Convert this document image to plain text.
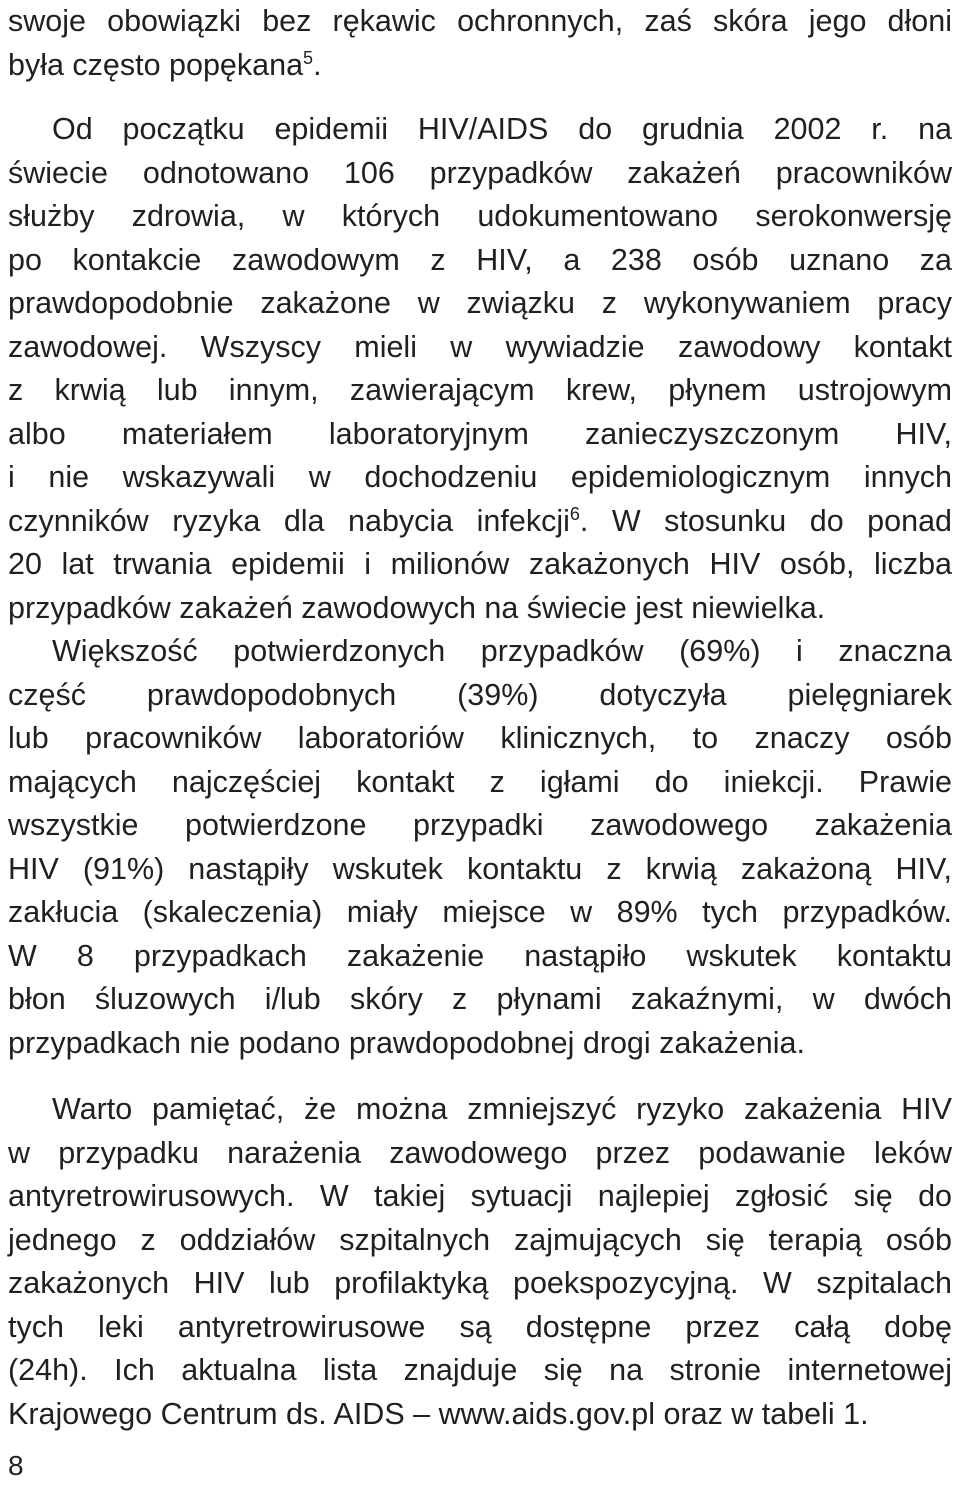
swoje obowiązki bez rękawic ochronnych, zaś skóra jego dłoni
była często popękana$^5$.
Od początku epidemii HIV/AIDS do grudnia 2002 r. na
świecie odnotowano 106 przypadków zakażeń pracowników
służby zdrowia, w których udokumentowano serokonwersję
po kontakcie zawodowym z HIV, a 238 osób uznano za
prawdopodobnie zakażone w związku z wykonywaniem pracy
zawodowej. Wszyscy mieli w wywiadzie zawodowy kontakt
z krwią lub innym, zawierającym krew, płynem ustrojowym
albo materiałem laboratoryjnym zanieczyszczonym HIV,
i nie wskazywali w dochodzeniu epidemiologicznym innych
czynników ryzyka dla nabycia infekcji$^6$. W stosunku do ponad
20 lat trwania epidemii i milionów zakażonych HIV osób, liczba
przypadków zakażeń zawodowych na świecie jest niewielka.
Większość potwierdzonych przypadków (69%) i znaczna
część prawdopodobnych (39%) dotyczyła pielęgniarek
lub pracowników laboratoriów klinicznych, to znaczy osób
mających najczęściej kontakt z igłami do iniekcji. Prawie
wszystkie potwierdzone przypadki zawodowego zakażenia
HIV (91%) nastąpiły wskutek kontaktu z krwią zakażoną HIV,
zakłucia (skaleczenia) miały miejsce w 89% tych przypadków.
W 8 przypadkach zakażenie nastąpiło wskutek kontaktu
błon śluzowych i/lub skóry z płynami zakaźnymi, w dwóch
przypadkach nie podano prawdopodobnej drogi zakażenia.
Warto pamiętać, że można zmniejszyć ryzyko zakażenia HIV
w przypadku narażenia zawodowego przez podawanie leków
antyretrowirusowych. W takiej sytuacji najlepiej zgłosić się do
jednego z oddziałów szpitalnych zajmujących się terapią osób
zakażonych HIV lub profilaktyką poekspozycyjną. W szpitalach
tych leki antyretrowirusowe są dostępne przez całą dobę
(24h). Ich aktualna lista znajduje się na stronie internetowej
Krajowego Centrum ds. AIDS – www.aids.gov.pl oraz w tabeli 1.
8
